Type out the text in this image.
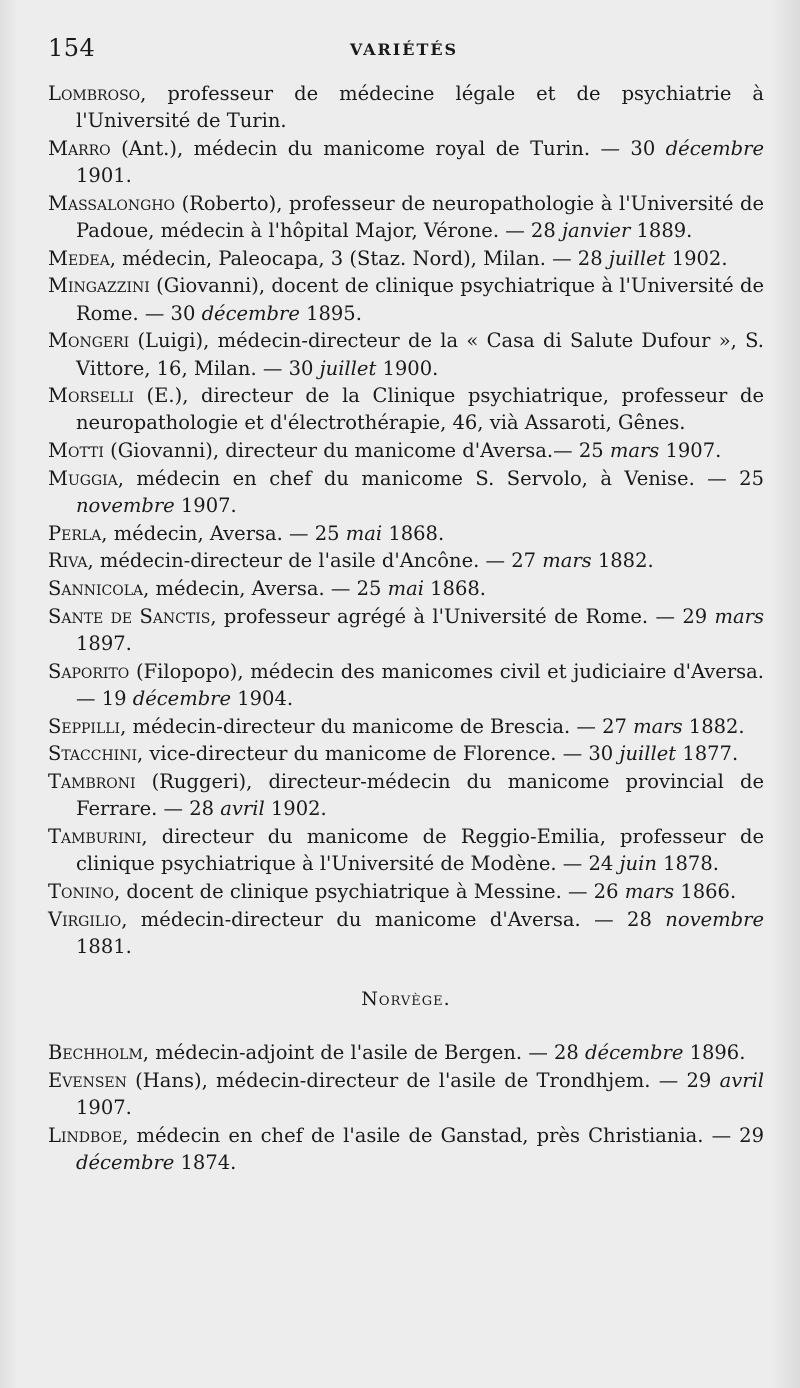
154	VARIÉTÉS
Lombroso, professeur de médecine légale et de psychiatrie à l'Université de Turin.
Marro (Ant.), médecin du manicome royal de Turin. — 30 décembre 1901.
Massalongho (Roberto), professeur de neuropathologie à l'Université de Padoue, médecin à l'hôpital Major, Vérone. — 28 janvier 1889.
Medea, médecin, Paleocapa, 3 (Staz. Nord), Milan. — 28 juillet 1902.
Mingazzini (Giovanni), docent de clinique psychiatrique à l'Université de Rome. — 30 décembre 1895.
Mongeri (Luigi), médecin-directeur de la « Casa di Salute Dufour », S. Vittore, 16, Milan. — 30 juillet 1900.
Morselli (E.), directeur de la Clinique psychiatrique, professeur de neuropathologie et d'électrothérapie, 46, vià Assaroti, Gênes.
Motti (Giovanni), directeur du manicome d'Aversa.— 25 mars 1907.
Muggia, médecin en chef du manicome S. Servolo, à Venise. — 25 novembre 1907.
Perla, médecin, Aversa. — 25 mai 1868.
Riva, médecin-directeur de l'asile d'Ancône. — 27 mars 1882.
Sannicola, médecin, Aversa. — 25 mai 1868.
Sante de Sanctis, professeur agrégé à l'Université de Rome. — 29 mars 1897.
Saporito (Filopopo), médecin des manicomes civil et judiciaire d'Aversa. — 19 décembre 1904.
Seppilli, médecin-directeur du manicome de Brescia. — 27 mars 1882.
Stacchini, vice-directeur du manicome de Florence. — 30 juillet 1877.
Tambroni (Ruggeri), directeur-médecin du manicome provincial de Ferrare. — 28 avril 1902.
Tamburini, directeur du manicome de Reggio-Emilia, professeur de clinique psychiatrique à l'Université de Modène. — 24 juin 1878.
Tonino, docent de clinique psychiatrique à Messine. — 26 mars 1866.
Virgilio, médecin-directeur du manicome d'Aversa. — 28 novembre 1881.
Norvège.
Bechholm, médecin-adjoint de l'asile de Bergen. — 28 décembre 1896.
Evensen (Hans), médecin-directeur de l'asile de Trondhjem. — 29 avril 1907.
Lindboe, médecin en chef de l'asile de Ganstad, près Christiania. — 29 décembre 1874.
